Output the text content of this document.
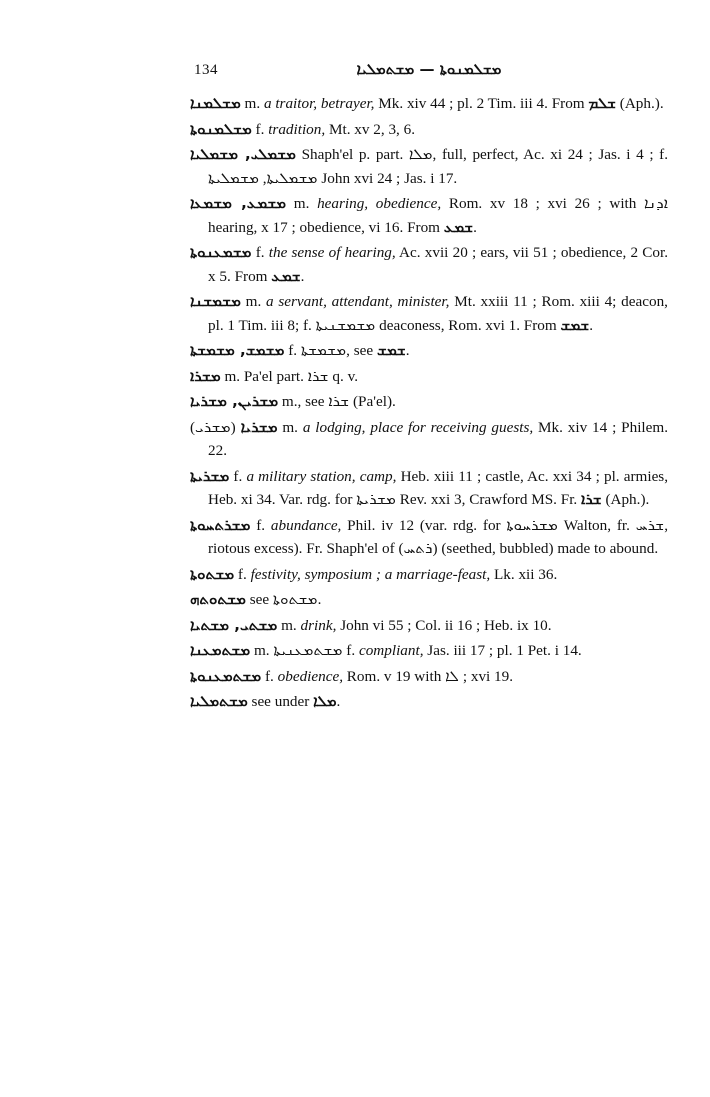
134	ܡܫܠܡܢܘܬܐ — ܡܫܬܡܠܝܐ

ܡܫܠܡܢܐ m. a traitor, betrayer, Mk. xiv 44 ; pl. 2 Tim. iii 4. From ܫܠܡ (Aph.).

ܡܫܠܡܢܘܬܐ f. tradition, Mt. xv 2, 3, 6.

ܡܫܡܠܝ, ܡܫܡܠܝܐ Shaph'el p. part. ܡܠܐ, full, perfect, Ac. xi 24 ; Jas. i 4 ; f. ܡܫܡܠܝܬܐ, ܡܫܡܠܝܬܐ John xvi 24 ; Jas. i 17.

ܡܫܡܥ, ܡܫܡܥܐ m. hearing, obedience, Rom. xv 18 ; xvi 26 ; with ܐܕܢܐ hearing, x 17 ; obedience, vi 16. From ܫܡܥ.

ܡܫܡܥܢܘܬܐ f. the sense of hearing, Ac. xvii 20 ; ears, vii 51 ; obedience, 2 Cor. x 5. From ܫܡܥ.

ܡܫܡܫܢܐ m. a servant, attendant, minister, Mt. xxiii 11 ; Rom. xiii 4; deacon, pl. 1 Tim. iii 8; f. ܡܫܡܫܢܝܬܐ deaconess, Rom. xvi 1. From ܫܡܫ.

ܡܫܡܫ, ܡܫܡܫܬܐ f. ܡܫܡܫܬܐ, see ܫܡܫ.

ܡܫܪܐ m. Pa'el part. ܫܪܐ q. v.

ܡܫܪܝܢ, ܡܫܪܝܐ m., see ܫܪܐ (Pa'el).

ܡܫܪܝܐ (ܡܫܪܝ) m. a lodging, place for receiving guests, Mk. xiv 14 ; Philem. 22.

ܡܫܪܝܬܐ f. a military station, camp, Heb. xiii 11 ; castle, Ac. xxi 34 ; pl. armies, Heb. xi 34. Var. rdg. for ܡܫܪܝܬܐ Rev. xxi 3, Crawford MS. Fr. ܫܪܐ (Aph.).

ܡܫܪܬܚܘܬܐ f. abundance, Phil. iv 12 (var. rdg. for ܡܫܪܚܘܬܐ Walton, fr. ܫܪܚ, riotous excess). Fr. Shaph'el of (ܪܬܚ) (seethed, bubbled) made to abound.

ܡܫܬܘܬܐ f. festivity, symposium ; a marriage-feast, Lk. xii 36.

ܡܫܬܘܬܗ see ܡܫܬܘܬܐ.

ܡܫܬܝ, ܡܫܬܝܐ m. drink, John vi 55 ; Col. ii 16 ; Heb. ix 10.

ܡܫܬܡܥܢܐ m. ܡܫܬܡܥܢܝܬܐ f. compliant, Jas. iii 17 ; pl. 1 Pet. i 14.

ܡܫܬܡܥܢܘܬܐ f. obedience, Rom. v 19 with ܠܐ ; xvi 19.

ܡܫܬܡܠܝܐ see under ܡܠܐ.
